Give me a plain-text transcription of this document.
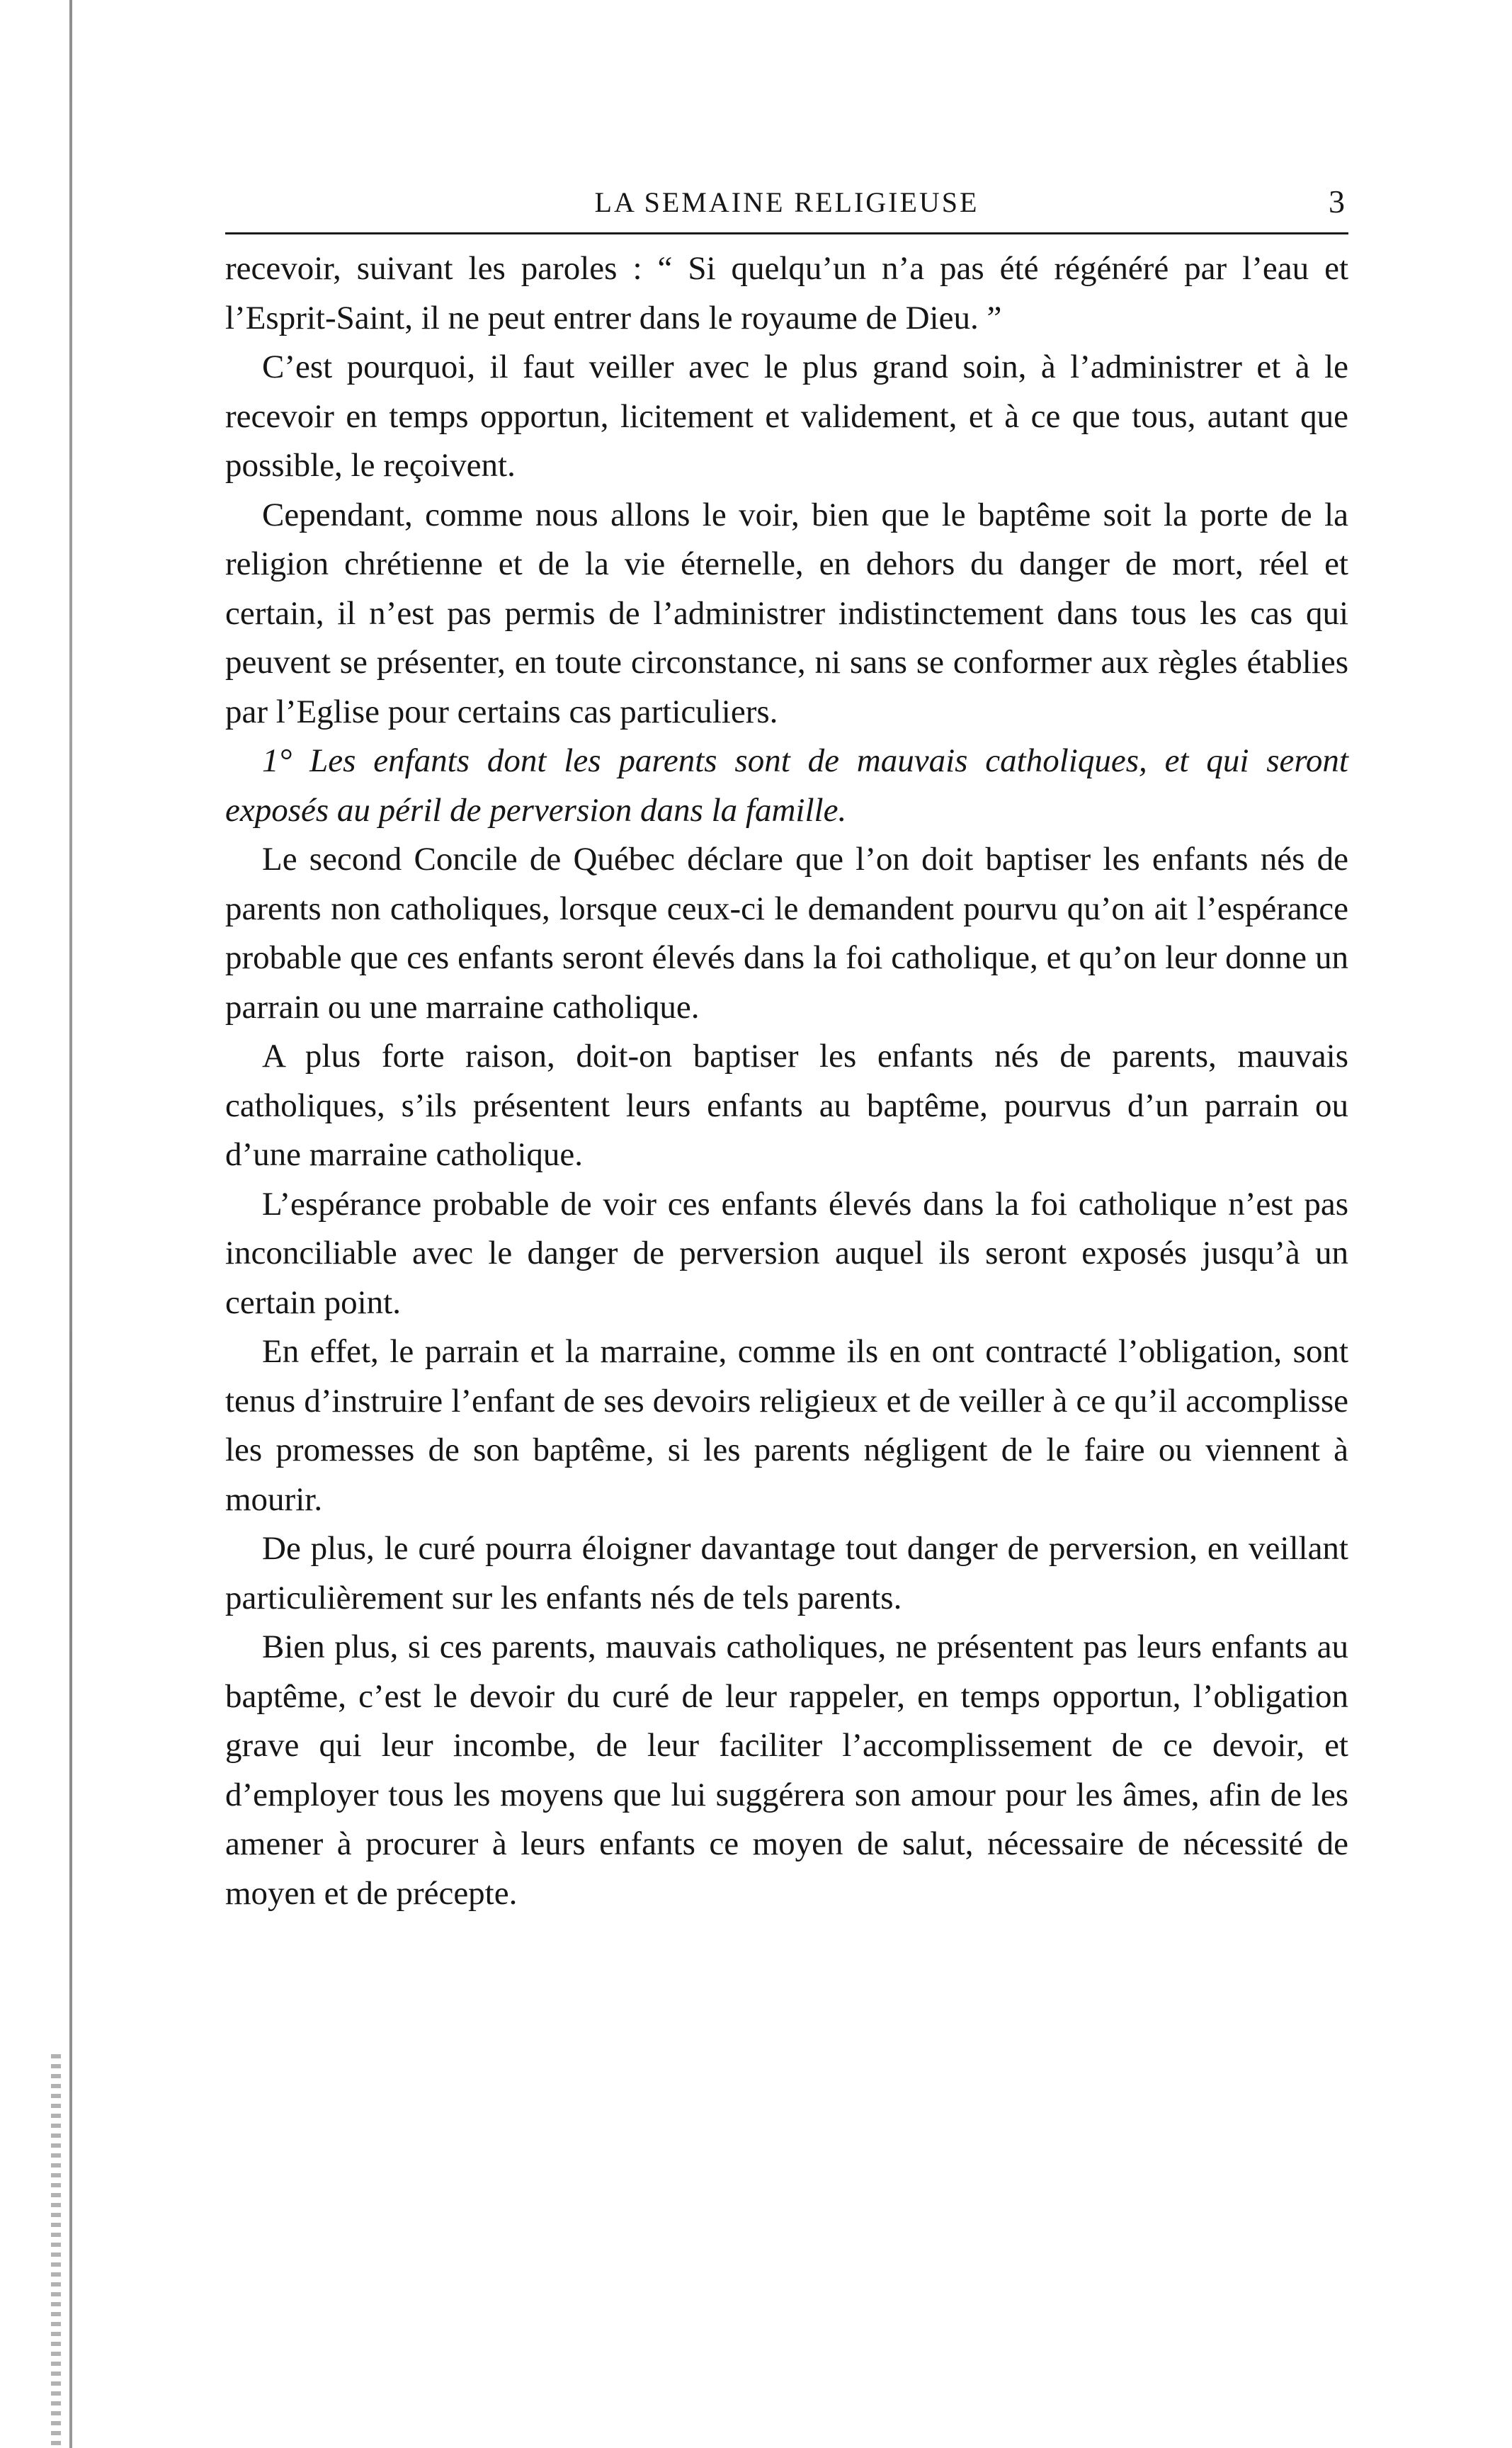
LA SEMAINE RELIGIEUSE	3

recevoir, suivant les paroles : “ Si quelqu’un n’a pas été régénéré par l’eau et l’Esprit-Saint, il ne peut entrer dans le royaume de Dieu. ”

C’est pourquoi, il faut veiller avec le plus grand soin, à l’administrer et à le recevoir en temps opportun, licitement et validement, et à ce que tous, autant que possible, le reçoivent.

Cependant, comme nous allons le voir, bien que le baptême soit la porte de la religion chrétienne et de la vie éternelle, en dehors du danger de mort, réel et certain, il n’est pas permis de l’administrer indistinctement dans tous les cas qui peuvent se présenter, en toute circonstance, ni sans se conformer aux règles établies par l’Eglise pour certains cas particuliers.

1° Les enfants dont les parents sont de mauvais catholiques, et qui seront exposés au péril de perversion dans la famille.

Le second Concile de Québec déclare que l’on doit baptiser les enfants nés de parents non catholiques, lorsque ceux-ci le demandent pourvu qu’on ait l’espérance probable que ces enfants seront élevés dans la foi catholique, et qu’on leur donne un parrain ou une marraine catholique.

A plus forte raison, doit-on baptiser les enfants nés de parents, mauvais catholiques, s’ils présentent leurs enfants au baptême, pourvus d’un parrain ou d’une marraine catholique.

L’espérance probable de voir ces enfants élevés dans la foi catholique n’est pas inconciliable avec le danger de perversion auquel ils seront exposés jusqu’à un certain point.

En effet, le parrain et la marraine, comme ils en ont contracté l’obligation, sont tenus d’instruire l’enfant de ses devoirs religieux et de veiller à ce qu’il accomplisse les promesses de son baptême, si les parents négligent de le faire ou viennent à mourir.

De plus, le curé pourra éloigner davantage tout danger de perversion, en veillant particulièrement sur les enfants nés de tels parents.

Bien plus, si ces parents, mauvais catholiques, ne présentent pas leurs enfants au baptême, c’est le devoir du curé de leur rappeler, en temps opportun, l’obligation grave qui leur incombe, de leur faciliter l’accomplissement de ce devoir, et d’employer tous les moyens que lui suggérera son amour pour les âmes, afin de les amener à procurer à leurs enfants ce moyen de salut, nécessaire de nécessité de moyen et de précepte.
